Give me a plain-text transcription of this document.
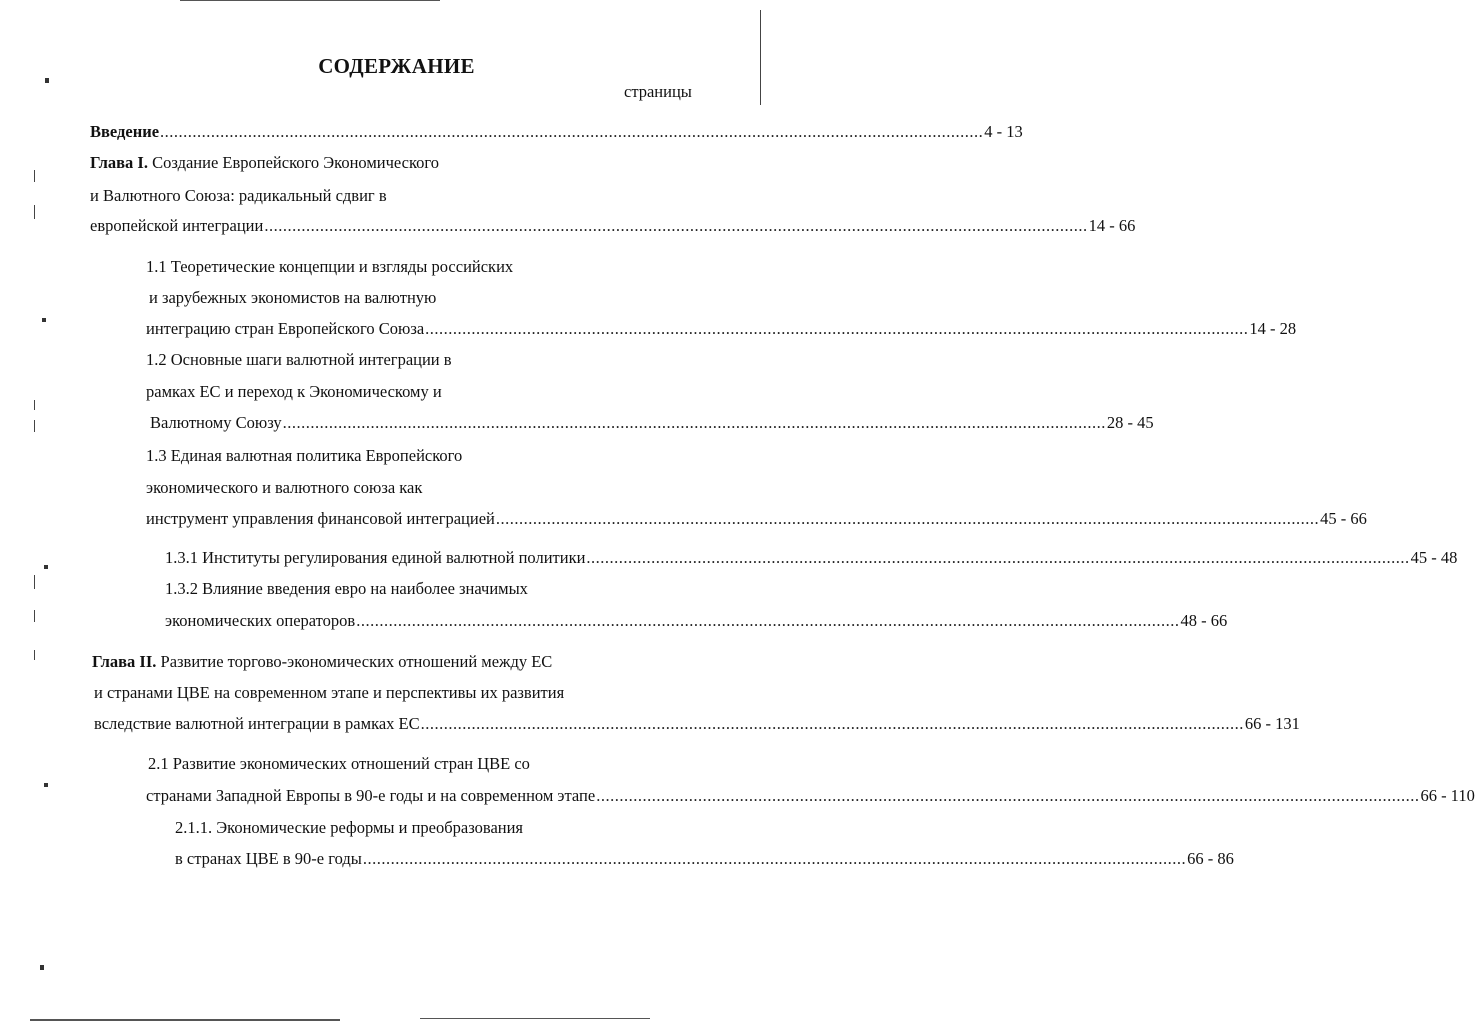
СОДЕРЖАНИЕ
страницы
Введение .................................................................................................................................................................................. 4 - 13
Глава I. Создание Европейского Экономического
и Валютного Союза: радикальный сдвиг в
европейской интеграции .................................................................................................................................................................................. 14 - 66
1.1 Теоретические концепции и взгляды российских
и зарубежных экономистов на валютную
интеграцию стран Европейского Союза .................................................................................................................................................................................. 14 - 28
1.2 Основные шаги валютной интеграции в
рамках ЕС и переход к Экономическому и
Валютному Союзу .................................................................................................................................................................................. 28 - 45
1.3 Единая валютная политика Европейского
экономического и валютного союза как
инструмент управления финансовой интеграцией .................................................................................................................................................................................. 45 - 66
1.3.1 Институты регулирования единой валютной политики .................................................................................................................................................................................. 45 - 48
1.3.2 Влияние введения евро на наиболее значимых
экономических операторов .................................................................................................................................................................................. 48 - 66
Глава II. Развитие торгово-экономических отношений между ЕС
и странами ЦВЕ на современном этапе и перспективы их развития
вследствие валютной интеграции в рамках ЕС .................................................................................................................................................................................. 66 - 131
2.1 Развитие экономических отношений стран ЦВЕ со
странами Западной Европы в 90-е годы и на современном этапе .................................................................................................................................................................................. 66 - 110
2.1.1. Экономические реформы и преобразования
в странах ЦВЕ в 90-е годы .................................................................................................................................................................................. 66 - 86
